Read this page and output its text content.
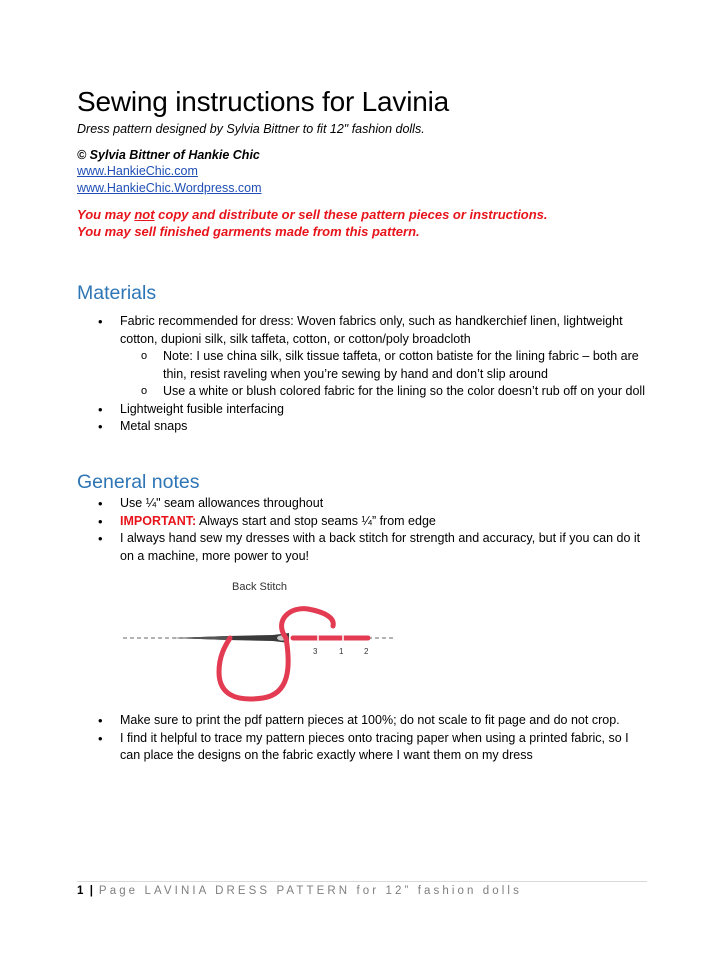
Sewing instructions for Lavinia
Dress pattern designed by Sylvia Bittner to fit 12" fashion dolls.
© Sylvia Bittner of Hankie Chic
www.HankieChic.com
www.HankieChic.Wordpress.com
You may not copy and distribute or sell these pattern pieces or instructions.
You may sell finished garments made from this pattern.
Materials
• Fabric recommended for dress: Woven fabrics only, such as handkerchief linen, lightweight cotton, dupioni silk, silk taffeta, cotton, or cotton/poly broadcloth
o Note: I use china silk, silk tissue taffeta, or cotton batiste for the lining fabric – both are thin, resist raveling when you’re sewing by hand and don’t slip around
o Use a white or blush colored fabric for the lining so the color doesn’t rub off on your doll
• Lightweight fusible interfacing
• Metal snaps
General notes
• Use ¼" seam allowances throughout
• IMPORTANT: Always start and stop seams ¼” from edge
• I always hand sew my dresses with a back stitch for strength and accuracy, but if you can do it on a machine, more power to you!
Back Stitch
3	1	2
• Make sure to print the pdf pattern pieces at 100%; do not scale to fit page and do not crop.
• I find it helpful to trace my pattern pieces onto tracing paper when using a printed fabric, so I can place the designs on the fabric exactly where I want them on my dress
1 | Page LAVINIA DRESS PATTERN for 12” fashion dolls
